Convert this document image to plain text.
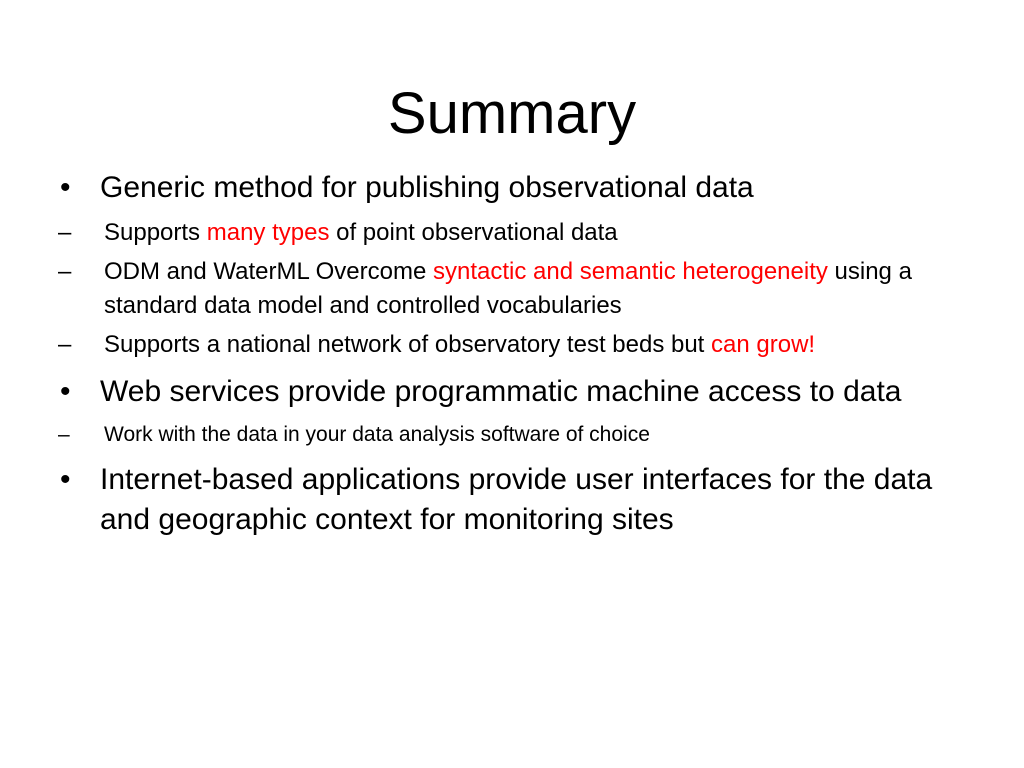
Summary
• Generic method for publishing observational data
– Supports many types of point observational data
– ODM and WaterML Overcome syntactic and semantic heterogeneity using a standard data model and controlled vocabularies
– Supports a national network of observatory test beds but can grow!
• Web services provide programmatic machine access to data
– Work with the data in your data analysis software of choice
• Internet-based applications provide user interfaces for the data and geographic context for monitoring sites
